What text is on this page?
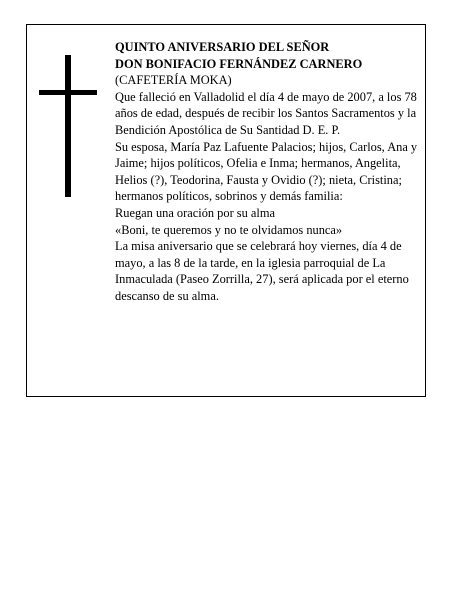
QUINTO ANIVERSARIO DEL SEÑOR

DON BONIFACIO FERNÁNDEZ CARNERO

(CAFETERÍA MOKA)

Que falleció en Valladolid el día 4 de mayo de 2007, a los 78 años de edad, después de recibir los Santos Sacramentos y la Bendición Apostólica de Su Santidad D. E. P.

Su esposa, María Paz Lafuente Palacios; hijos, Carlos, Ana y Jaime; hijos políticos, Ofelia e Inma; hermanos, Angelita, Helios (?), Teodorina, Fausta y Ovidio (?); nieta, Cristina; hermanos políticos, sobrinos y demás familia:

Ruegan una oración por su alma

«Boni, te queremos y no te olvidamos nunca»

La misa aniversario que se celebrará hoy viernes, día 4 de mayo, a las 8 de la tarde, en la iglesia parroquial de La Inmaculada (Paseo Zorrilla, 27), será aplicada por el eterno descanso de su alma.
